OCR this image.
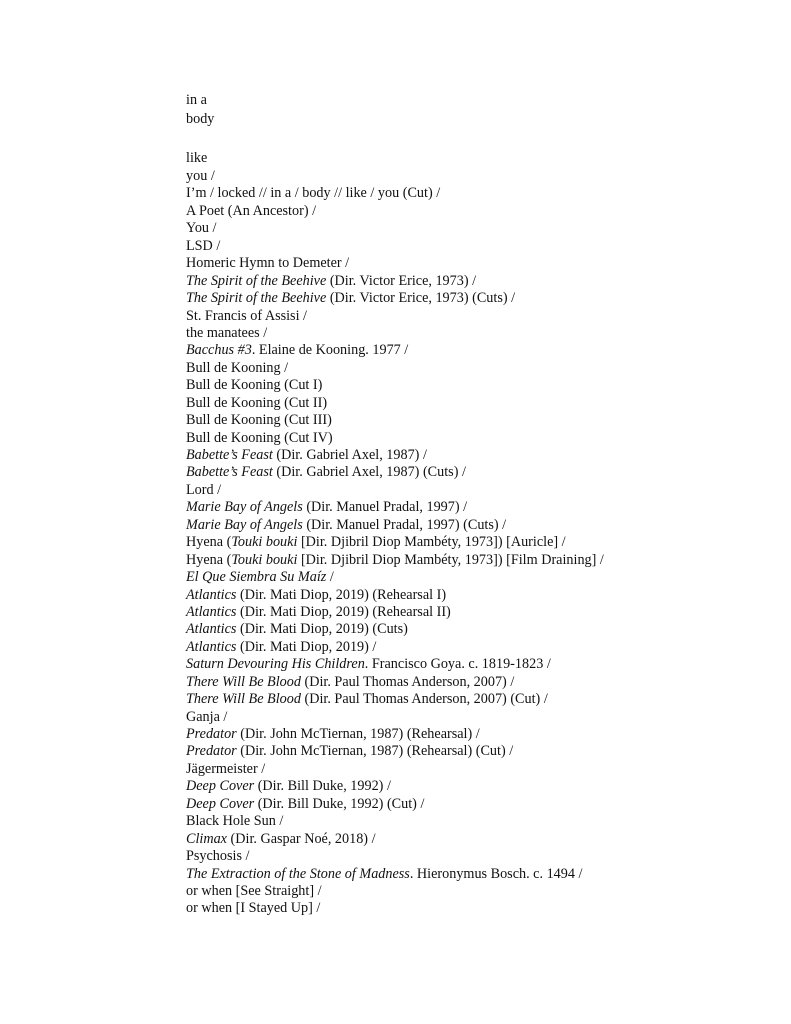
in a
body
like
you /
I’m / locked // in a / body // like / you (Cut) /
A Poet (An Ancestor) /
You /
LSD /
Homeric Hymn to Demeter /
The Spirit of the Beehive (Dir. Victor Erice, 1973) /
The Spirit of the Beehive (Dir. Victor Erice, 1973) (Cuts) /
St. Francis of Assisi /
the manatees /
Bacchus #3. Elaine de Kooning. 1977 /
Bull de Kooning /
Bull de Kooning (Cut I)
Bull de Kooning (Cut II)
Bull de Kooning (Cut III)
Bull de Kooning (Cut IV)
Babette’s Feast (Dir. Gabriel Axel, 1987) /
Babette’s Feast (Dir. Gabriel Axel, 1987) (Cuts) /
Lord /
Marie Bay of Angels (Dir. Manuel Pradal, 1997) /
Marie Bay of Angels (Dir. Manuel Pradal, 1997) (Cuts) /
Hyena (Touki bouki [Dir. Djibril Diop Mambéty, 1973]) [Auricle] /
Hyena (Touki bouki [Dir. Djibril Diop Mambéty, 1973]) [Film Draining] /
El Que Siembra Su Maíz /
Atlantics (Dir. Mati Diop, 2019) (Rehearsal I)
Atlantics (Dir. Mati Diop, 2019) (Rehearsal II)
Atlantics (Dir. Mati Diop, 2019) (Cuts)
Atlantics (Dir. Mati Diop, 2019) /
Saturn Devouring His Children. Francisco Goya. c. 1819-1823 /
There Will Be Blood (Dir. Paul Thomas Anderson, 2007) /
There Will Be Blood (Dir. Paul Thomas Anderson, 2007) (Cut) /
Ganja /
Predator (Dir. John McTiernan, 1987) (Rehearsal) /
Predator (Dir. John McTiernan, 1987) (Rehearsal) (Cut) /
Jägermeister /
Deep Cover (Dir. Bill Duke, 1992) /
Deep Cover (Dir. Bill Duke, 1992) (Cut) /
Black Hole Sun /
Climax (Dir. Gaspar Noé, 2018) /
Psychosis /
The Extraction of the Stone of Madness. Hieronymus Bosch. c. 1494 /
or when [See Straight] /
or when [I Stayed Up] /
